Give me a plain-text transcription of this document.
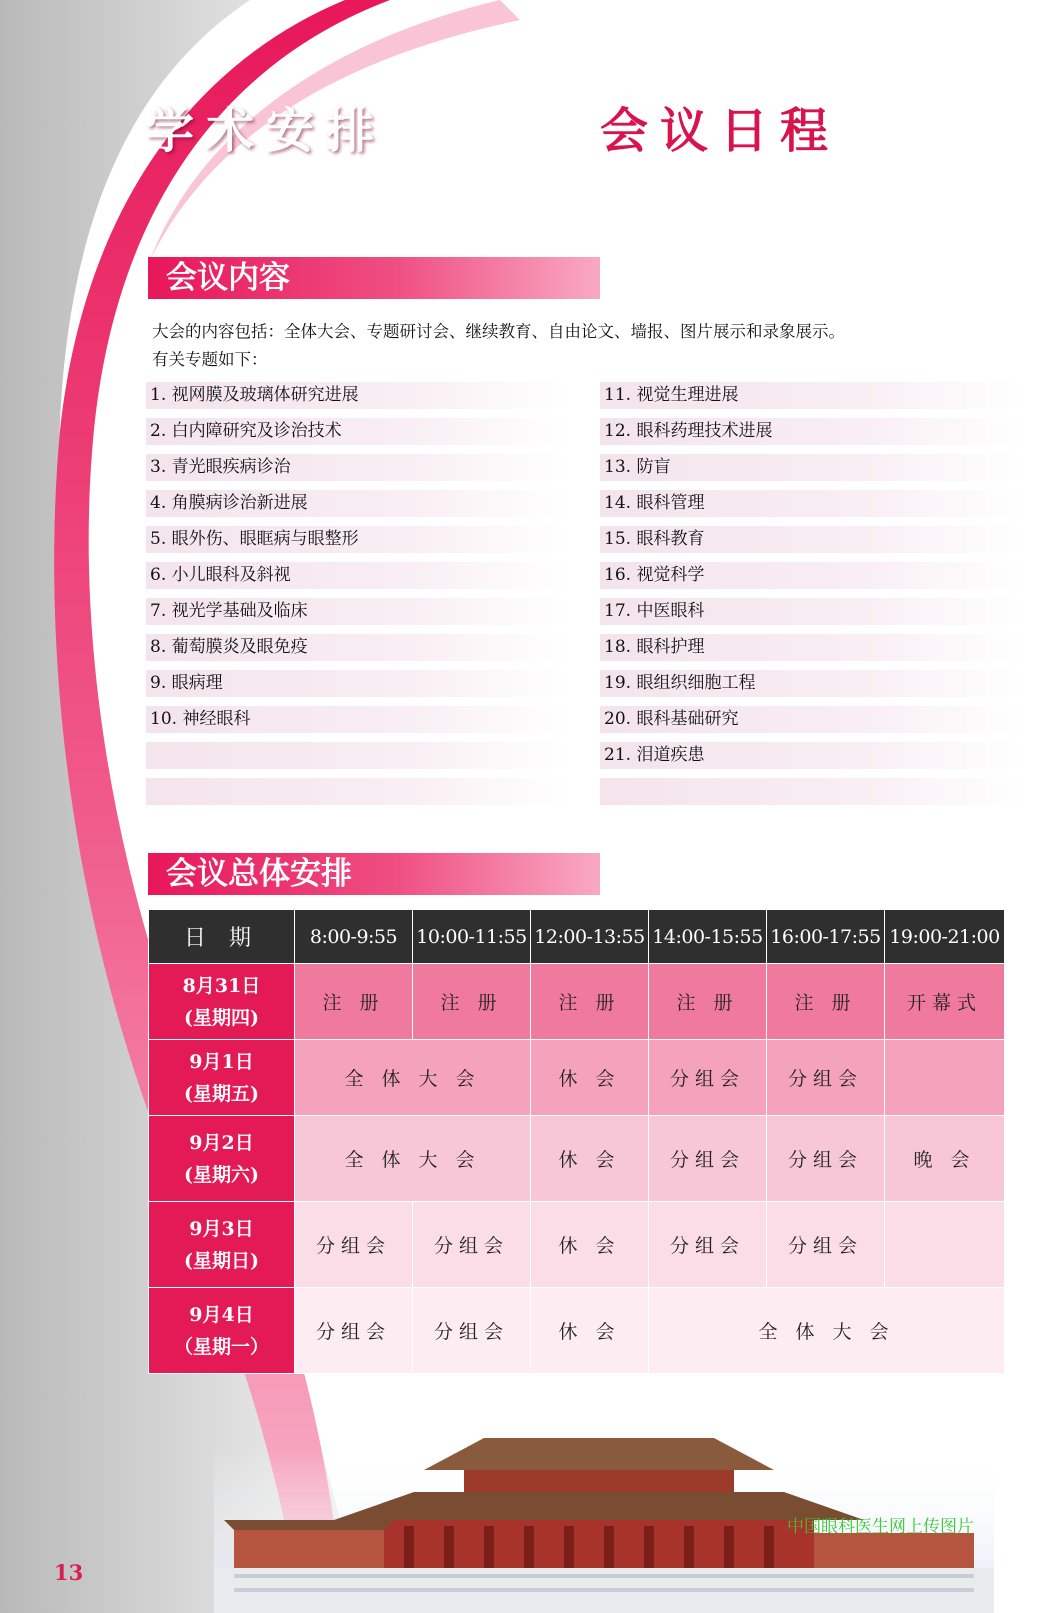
学术安排	会议日程
会议内容
大会的内容包括：全体大会、专题研讨会、继续教育、自由论文、墙报、图片展示和录象展示。
有关专题如下：
1. 视网膜及玻璃体研究进展
2. 白内障研究及诊治技术
3. 青光眼疾病诊治
4. 角膜病诊治新进展
5. 眼外伤、眼眶病与眼整形
6. 小儿眼科及斜视
7. 视光学基础及临床
8. 葡萄膜炎及眼免疫
9. 眼病理
10. 神经眼科
11. 视觉生理进展
12. 眼科药理技术进展
13. 防盲
14. 眼科管理
15. 眼科教育
16. 视觉科学
17. 中医眼科
18. 眼科护理
19. 眼组织细胞工程
20. 眼科基础研究
21. 泪道疾患
会议总体安排
日 期	8:00-9:55	10:00-11:55	12:00-13:55	14:00-15:55	16:00-17:55	19:00-21:00

8月31日
(星期四)	注 册	注 册	注 册	注 册	注 册	开幕式

9月1日
(星期五)	全 体 大 会		休 会	分组会	分组会	

9月2日
(星期六)	全 体 大 会		休 会	分组会	分组会	晚 会

9月3日
(星期日)	分组会	分组会	休 会	分组会	分组会	

9月4日
（星期一）	分组会	分组会	休 会	全 体 大 会		
中国眼科医生网上传图片
13
